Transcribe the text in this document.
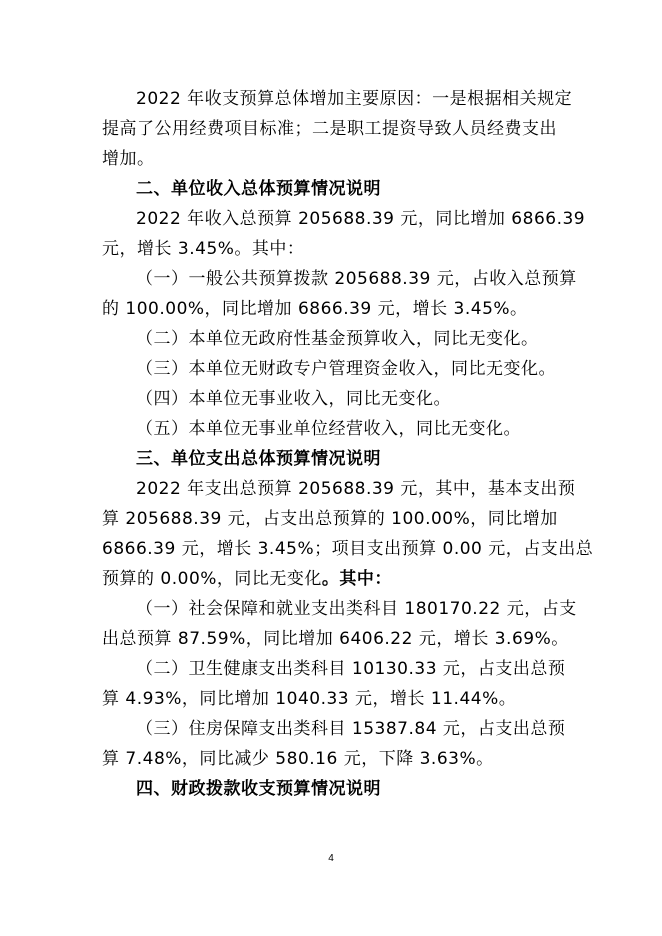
2022 年收支预算总体增加主要原因：一是根据相关规定
提高了公用经费项目标准；二是职工提资导致人员经费支出
增加。
二、单位收入总体预算情况说明
2022 年收入总预算 205688.39 元，同比增加 6866.39
元，增长 3.45%。其中：
（一）一般公共预算拨款 205688.39 元，占收入总预算
的 100.00%，同比增加 6866.39 元，增长 3.45%。
（二）本单位无政府性基金预算收入，同比无变化。
（三）本单位无财政专户管理资金收入，同比无变化。
（四）本单位无事业收入，同比无变化。
（五）本单位无事业单位经营收入，同比无变化。
三、单位支出总体预算情况说明
2022 年支出总预算 205688.39 元，其中，基本支出预
算 205688.39 元，占支出总预算的 100.00%，同比增加
6866.39 元，增长 3.45%；项目支出预算 0.00 元，占支出总
预算的 0.00%，同比无变化。其中：
（一）社会保障和就业支出类科目 180170.22 元，占支
出总预算 87.59%，同比增加 6406.22 元，增长 3.69%。
（二）卫生健康支出类科目 10130.33 元，占支出总预
算 4.93%，同比增加 1040.33 元，增长 11.44%。
（三）住房保障支出类科目 15387.84 元，占支出总预
算 7.48%，同比减少 580.16 元，下降 3.63%。
四、财政拨款收支预算情况说明
4
